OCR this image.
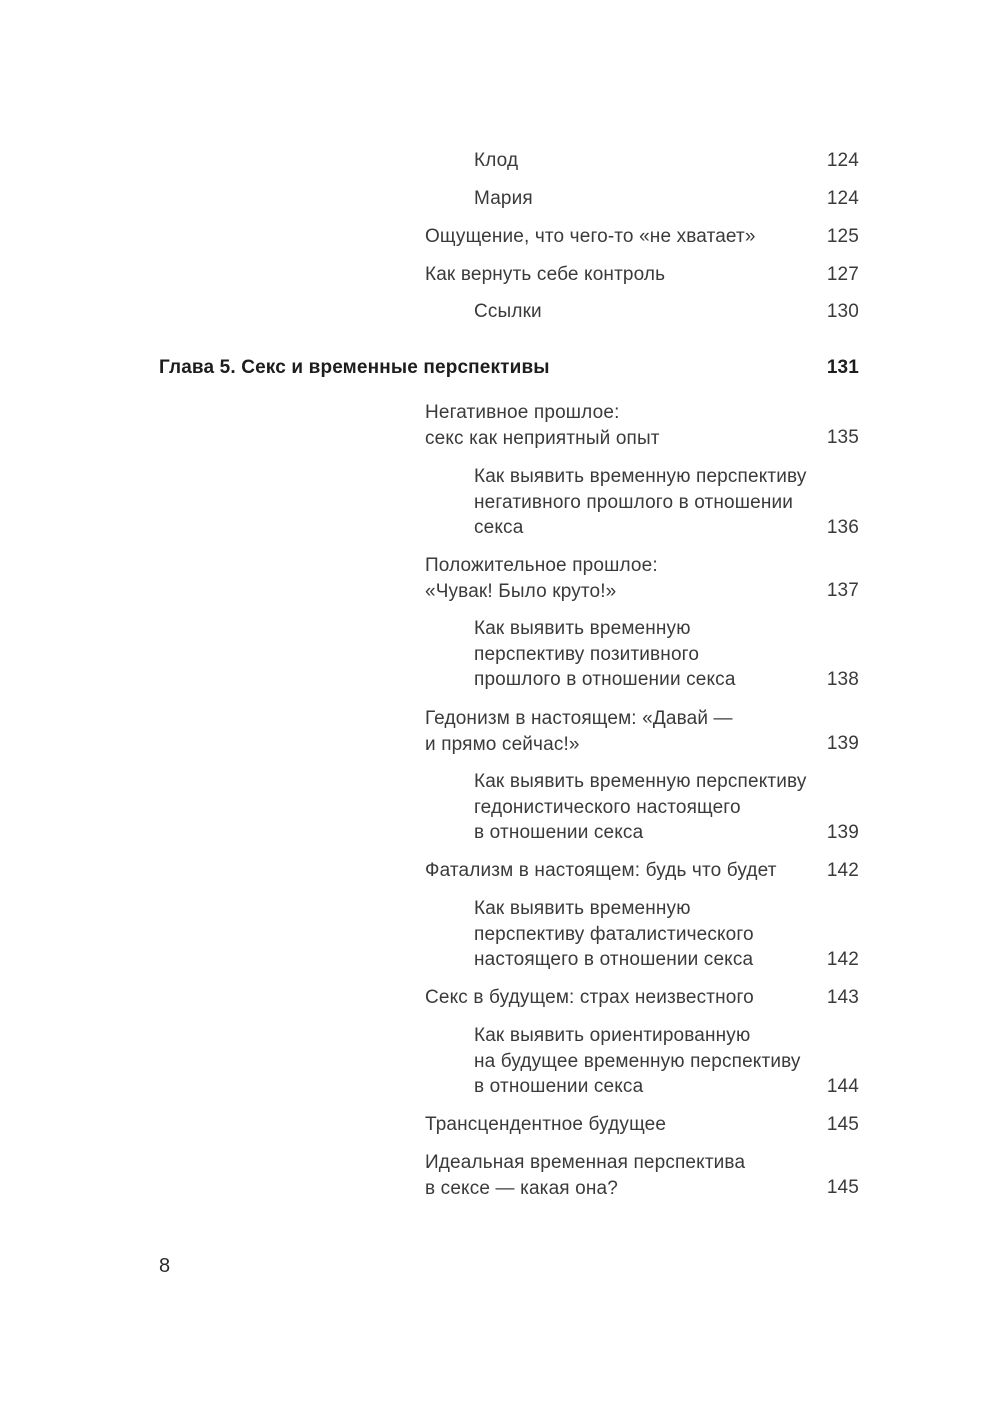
Клод	124
Мария	124
Ощущение, что чего-то «не хватает»	125
Как вернуть себе контроль	127
Ссылки	130
Глава 5. Секс и временные перспективы	131
Негативное прошлое:
секс как неприятный опыт	135
Как выявить временную перспективу
негативного прошлого в отношении
секса	136
Положительное прошлое:
«Чувак! Было круто!»	137
Как выявить временную
перспективу позитивного
прошлого в отношении секса	138
Гедонизм в настоящем: «Давай —
и прямо сейчас!»	139
Как выявить временную перспективу
гедонистического настоящего
в отношении секса	139
Фатализм в настоящем: будь что будет	142
Как выявить временную
перспективу фаталистического
настоящего в отношении секса	142
Секс в будущем: страх неизвестного	143
Как выявить ориентированную
на будущее временную перспективу
в отношении секса	144
Трансцендентное будущее	145
Идеальная временная перспектива
в сексе — какая она?	145
8
